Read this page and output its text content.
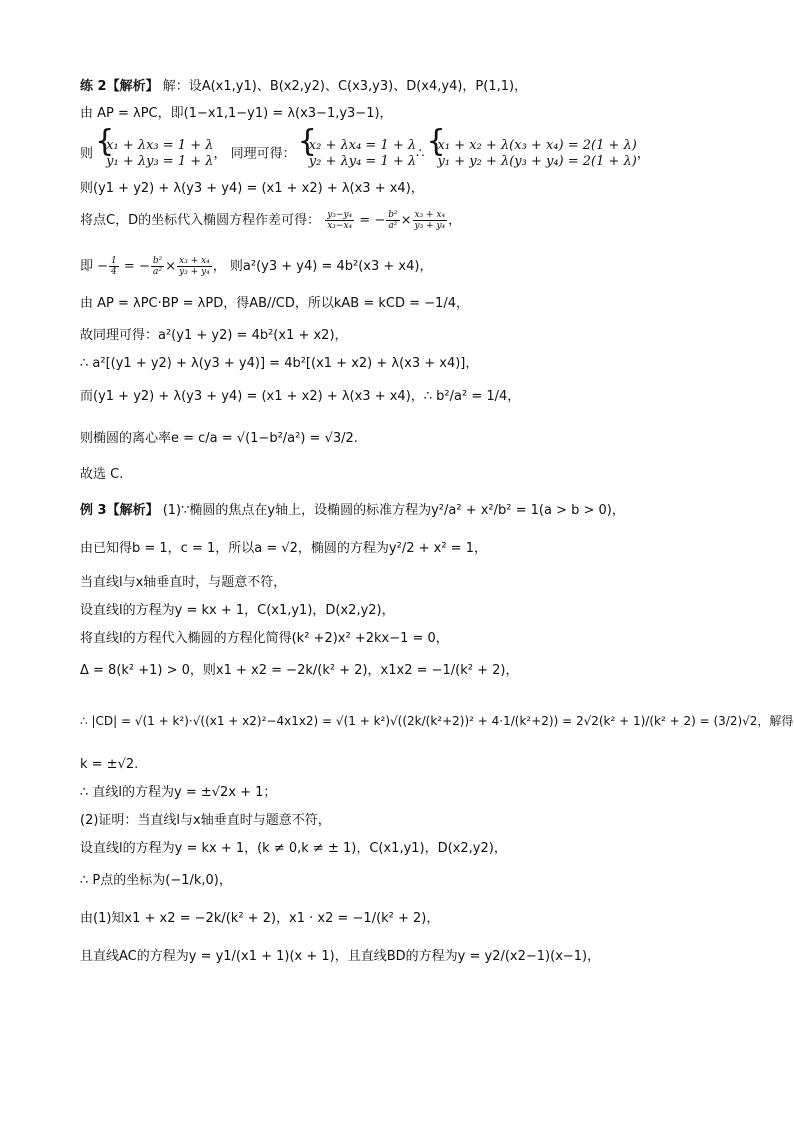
练 2【解析】 解：设A(x1,y1)、B(x2,y2)、C(x3,y3)、D(x4,y4)，P(1,1)，
由 AP = λPC，即(1−x1,1−y1) = λ(x3−1,y3−1)，
则
{ x₁ + λx₃ = 1 + λ
y₁ + λy₃ = 1 + λ ， 同理可得：
{ x₂ + λx₄ = 1 + λ
y₂ + λy₄ = 1 + λ ∴
{ x₁ + x₂ + λ(x₃ + x₄) = 2(1 + λ)
y₁ + y₂ + λ(y₃ + y₄) = 2(1 + λ) ，
则(y1 + y2) + λ(y3 + y4) = (x1 + x2) + λ(x3 + x4)，
将点C，D的坐标代入椭圆方程作差可得： $\frac{\text{y₃−y₄}}{\text{x₃−x₄}}$ = − $\frac{\text{b²}}{\text{a²}} \times \frac{\text{x₃ + x₄}}{\text{y₃ + y₄}}$ ，
即 − $\frac{1}{4}$ = − $\frac{\text{b²}}{\text{a²}} \times \frac{\text{x₃ + x₄}}{\text{y₃ + y₄}}$ ， 则a²(y3 + y4) = 4b²(x3 + x4)，
由 AP = λPC·BP = λPD，得AB//CD，所以kAB = kCD = −1/4，
故同理可得：a²(y1 + y2) = 4b²(x1 + x2)，
∴ a²[(y1 + y2) + λ(y3 + y4)] = 4b²[(x1 + x2) + λ(x3 + x4)]，
而(y1 + y2) + λ(y3 + y4) = (x1 + x2) + λ(x3 + x4)，∴ b²/a² = 1/4，
则椭圆的离心率e = c/a = √(1−b²/a²) = √3/2.
故选 C.
例 3【解析】 (1)∵椭圆的焦点在y轴上，设椭圆的标准方程为y²/a² + x²/b² = 1(a > b > 0)，
由已知得b = 1，c = 1，所以a = √2，椭圆的方程为y²/2 + x² = 1，
当直线l与x轴垂直时，与题意不符，
设直线l的方程为y = kx + 1，C(x1,y1)，D(x2,y2)，
将直线l的方程代入椭圆的方程化简得(k² +2)x² +2kx−1 = 0，
Δ = 8(k² +1) > 0，则x1 + x2 = −2k/(k² + 2)，x1x2 = −1/(k² + 2)，
∴ |CD| = √(1 + k²)·√((x1 + x2)²−4x1x2) = √(1 + k²)√((2k/(k²+2))² + 4·1/(k²+2)) = 2√2(k² + 1)/(k² + 2) = (3/2)√2，解得
k = ±√2.
∴ 直线l的方程为y = ±√2x + 1；
(2)证明：当直线l与x轴垂直时与题意不符，
设直线l的方程为y = kx + 1，(k ≠ 0,k ≠ ± 1)，C(x1,y1)，D(x2,y2)，
∴ P点的坐标为(−1/k,0)，
由(1)知x1 + x2 = −2k/(k² + 2)，x1 · x2 = −1/(k² + 2)，
且直线AC的方程为y = y1/(x1 + 1)(x + 1)，且直线BD的方程为y = y2/(x2−1)(x−1)，
